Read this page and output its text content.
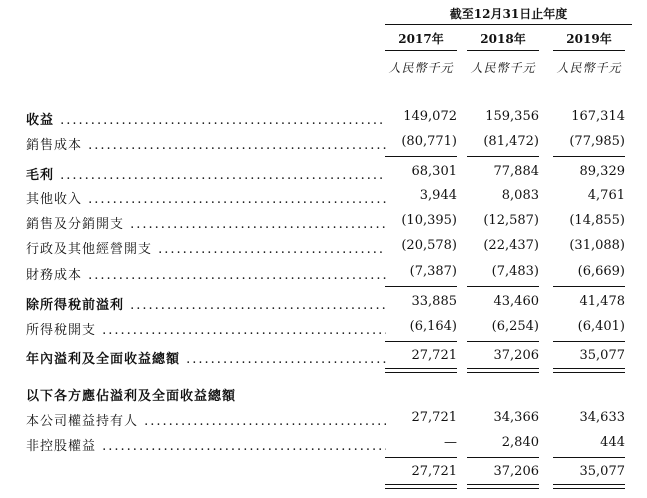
截至12月31日止年度
2017年	2018年	2019年
人民幣千元	人民幣千元	人民幣千元
收益 .....	149,072	159,356	167,314
銷售成本 .....	(80,771)	(81,472)	(77,985)
毛利 .....	68,301	77,884	89,329
其他收入 .....	3,944	8,083	4,761
銷售及分銷開支 .....	(10,395)	(12,587)	(14,855)
行政及其他經營開支 .....	(20,578)	(22,437)	(31,088)
財務成本 .....	(7,387)	(7,483)	(6,669)
除所得稅前溢利 .....	33,885	43,460	41,478
所得稅開支 .....	(6,164)	(6,254)	(6,401)
年內溢利及全面收益總額 .....	27,721	37,206	35,077
以下各方應佔溢利及全面收益總額
本公司權益持有人 .....	27,721	34,366	34,633
非控股權益 .....	—	2,840	444
27,721	37,206	35,077
